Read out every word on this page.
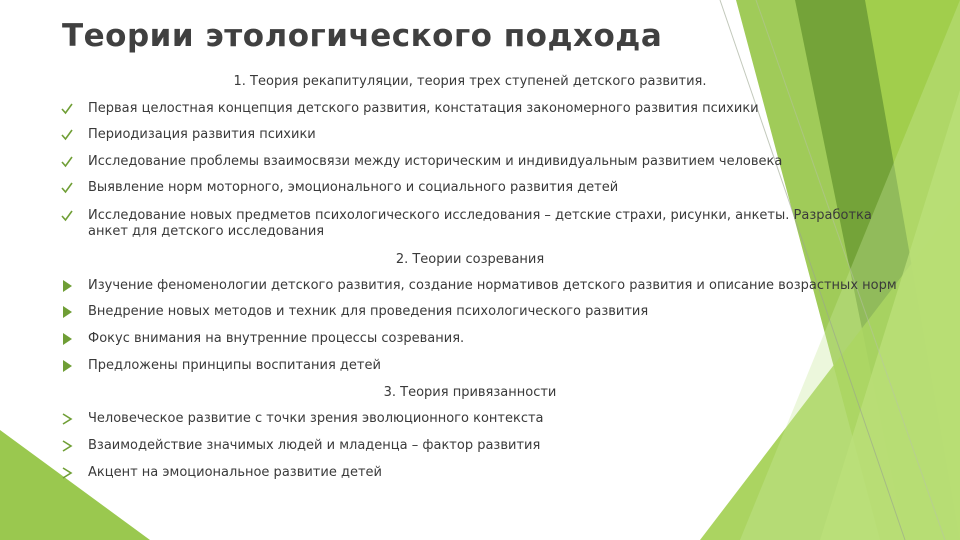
Теории этологического подхода
1. Теория рекапитуляции, теория трех ступеней детского развития.
Первая целостная концепция детского развития, констатация закономерного развития психики
Периодизация развития психики
Исследование проблемы взаимосвязи между историческим и индивидуальным развитием человека
Выявление норм моторного, эмоционального и социального развития детей
Исследование новых предметов психологического исследования – детские страхи, рисунки, анкеты. Разработка анкет для детского исследования
2. Теории созревания
Изучение феноменологии детского развития, создание нормативов детского развития и описание возрастных норм
Внедрение новых методов и техник для проведения психологического развития
Фокус внимания на внутренние процессы созревания.
Предложены принципы воспитания детей
3. Теория привязанности
Человеческое развитие с точки зрения эволюционного контекста
Взаимодействие значимых людей и младенца – фактор развития
Акцент на эмоциональное развитие детей
